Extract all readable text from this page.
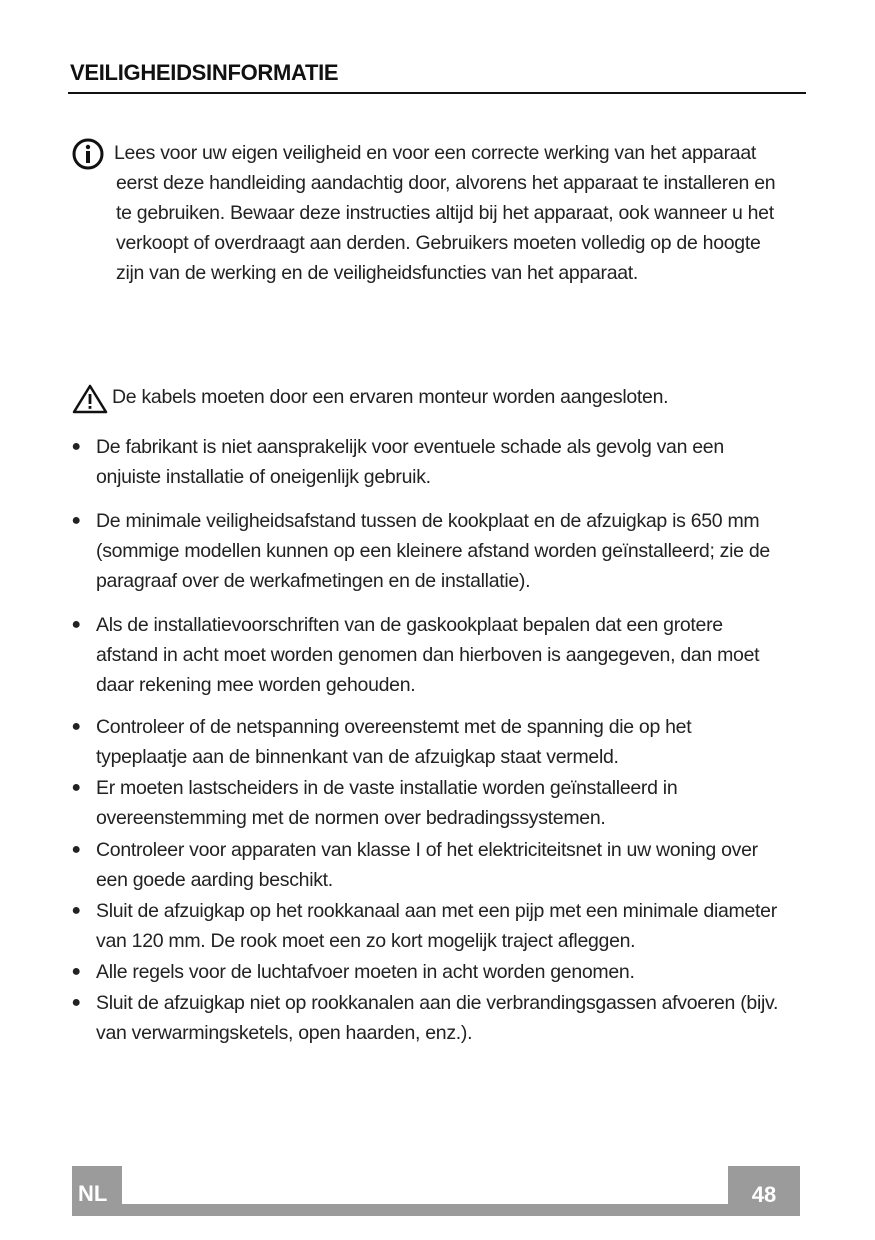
VEILIGHEIDSINFORMATIE
Lees voor uw eigen veiligheid en voor een correcte werking van het apparaat eerst deze handleiding aandachtig door, alvorens het apparaat te installeren en te gebruiken. Bewaar deze instructies altijd bij het apparaat, ook wanneer u het verkoopt of overdraagt aan derden. Gebruikers moeten volledig op de hoogte zijn van de werking en de veiligheidsfuncties van het apparaat.
De kabels moeten door een ervaren monteur worden aangesloten.
● De fabrikant is niet aansprakelijk voor eventuele schade als gevolg van een onjuiste installatie of oneigenlijk gebruik.
● De minimale veiligheidsafstand tussen de kookplaat en de afzuigkap is 650 mm (sommige modellen kunnen op een kleinere afstand worden geïnstalleerd; zie de paragraaf over de werkafmetingen en de installatie).
● Als de installatievoorschriften van de gaskookplaat bepalen dat een grotere afstand in acht moet worden genomen dan hierboven is aangegeven, dan moet daar rekening mee worden gehouden.
● Controleer of de netspanning overeenstemt met de spanning die op het typeplaatje aan de binnenkant van de afzuigkap staat vermeld.
● Er moeten lastscheiders in de vaste installatie worden geïnstalleerd in overeenstemming met de normen over bedradingssystemen.
● Controleer voor apparaten van klasse I of het elektriciteitsnet in uw woning over een goede aarding beschikt.
● Sluit de afzuigkap op het rookkanaal aan met een pijp met een minimale diameter van 120 mm. De rook moet een zo kort mogelijk traject afleggen.
● Alle regels voor de luchtafvoer moeten in acht worden genomen.
● Sluit de afzuigkap niet op rookkanalen aan die verbrandingsgassen afvoeren (bijv. van verwarmingsketels, open haarden, enz.).
NL	48
